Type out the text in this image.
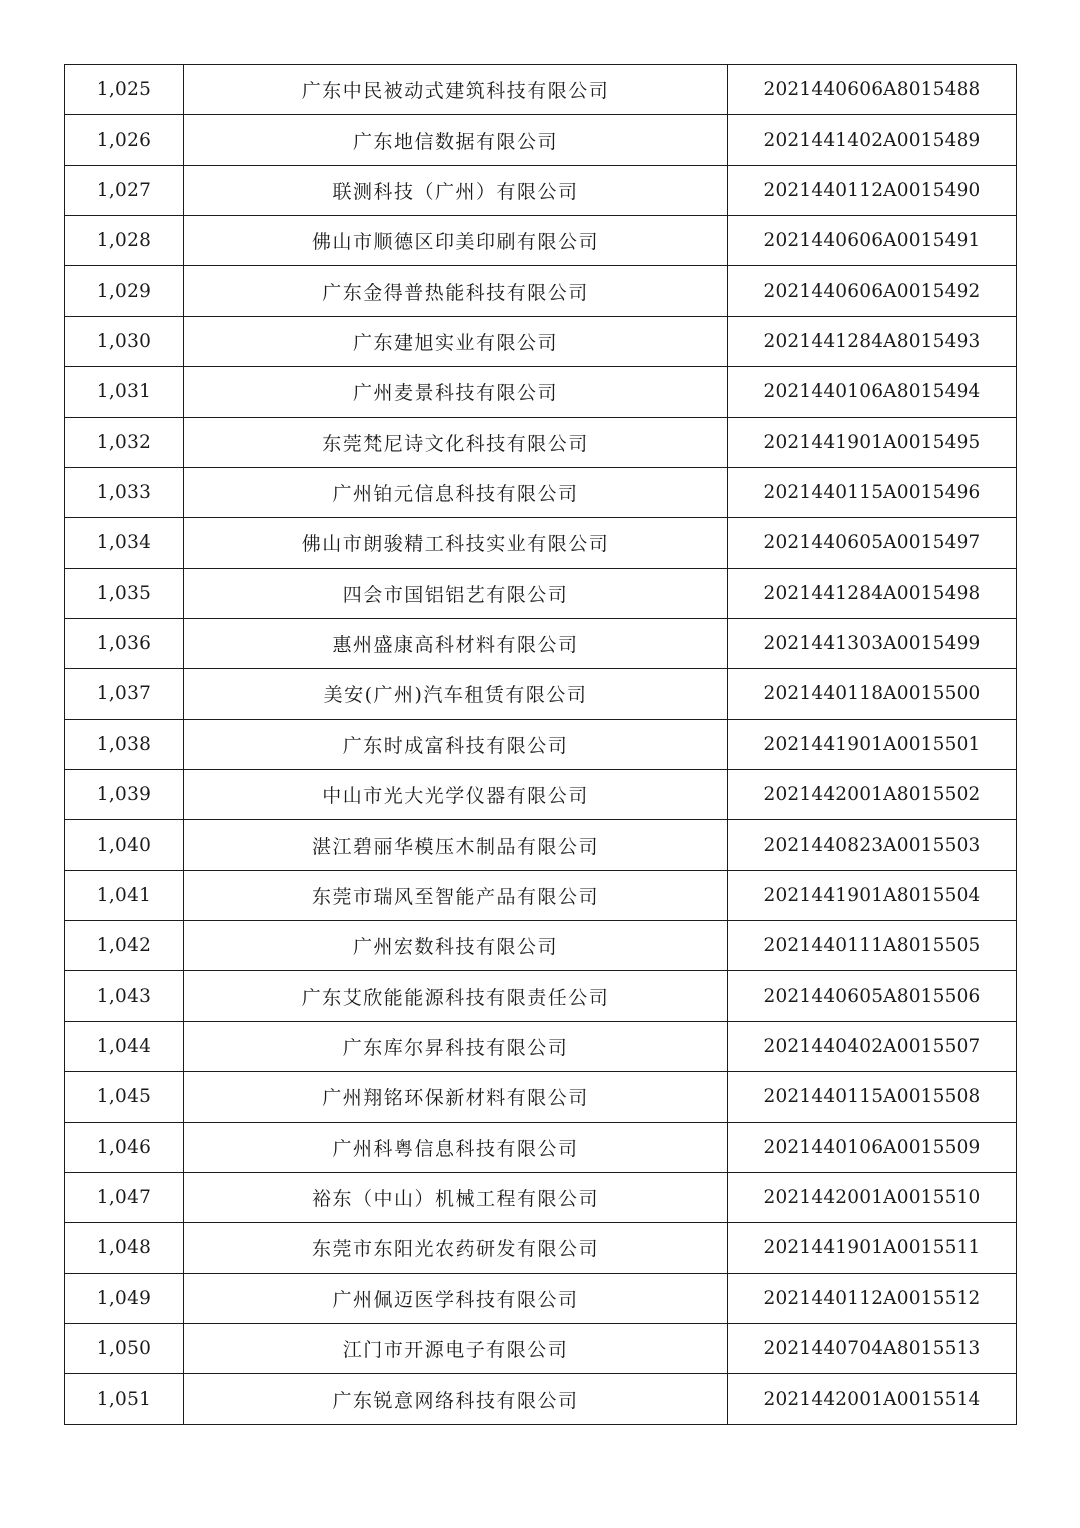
1,025	广东中民被动式建筑科技有限公司	2021440606A8015488
1,026	广东地信数据有限公司	2021441402A0015489
1,027	联测科技（广州）有限公司	2021440112A0015490
1,028	佛山市顺德区印美印刷有限公司	2021440606A0015491
1,029	广东金得普热能科技有限公司	2021440606A0015492
1,030	广东建旭实业有限公司	2021441284A8015493
1,031	广州麦景科技有限公司	2021440106A8015494
1,032	东莞梵尼诗文化科技有限公司	2021441901A0015495
1,033	广州铂元信息科技有限公司	2021440115A0015496
1,034	佛山市朗骏精工科技实业有限公司	2021440605A0015497
1,035	四会市国铝铝艺有限公司	2021441284A0015498
1,036	惠州盛康高科材料有限公司	2021441303A0015499
1,037	美安(广州)汽车租赁有限公司	2021440118A0015500
1,038	广东时成富科技有限公司	2021441901A0015501
1,039	中山市光大光学仪器有限公司	2021442001A8015502
1,040	湛江碧丽华模压木制品有限公司	2021440823A0015503
1,041	东莞市瑞风至智能产品有限公司	2021441901A8015504
1,042	广州宏数科技有限公司	2021440111A8015505
1,043	广东艾欣能能源科技有限责任公司	2021440605A8015506
1,044	广东库尔昇科技有限公司	2021440402A0015507
1,045	广州翔铭环保新材料有限公司	2021440115A0015508
1,046	广州科粤信息科技有限公司	2021440106A0015509
1,047	裕东（中山）机械工程有限公司	2021442001A0015510
1,048	东莞市东阳光农药研发有限公司	2021441901A0015511
1,049	广州佩迈医学科技有限公司	2021440112A0015512
1,050	江门市开源电子有限公司	2021440704A8015513
1,051	广东锐意网络科技有限公司	2021442001A0015514
